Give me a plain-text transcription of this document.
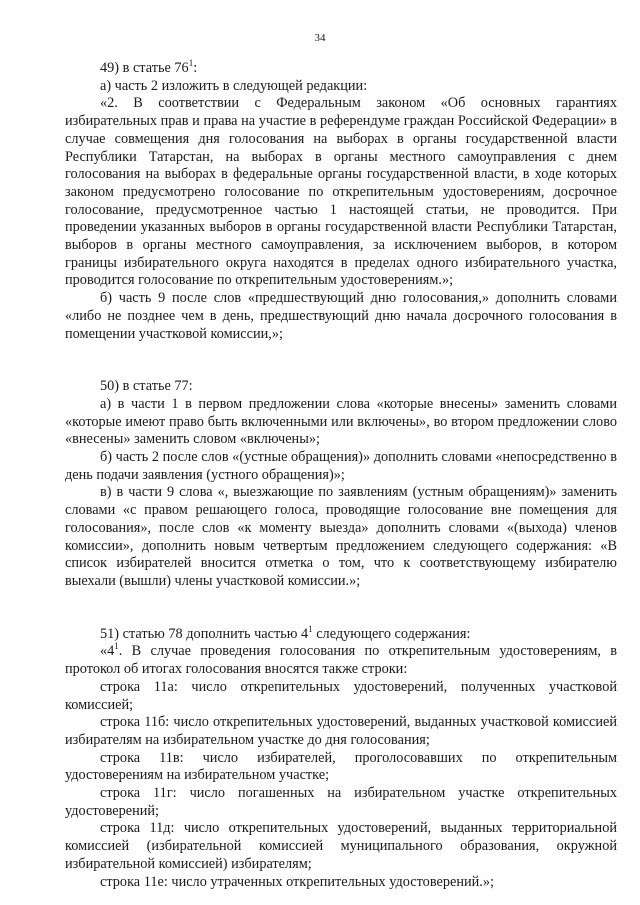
34

49) в статье $76^1$:

а) часть 2 изложить в следующей редакции:

«2. В соответствии с Федеральным законом «Об основных гарантиях избирательных прав и права на участие в референдуме граждан Российской Федерации» в случае совмещения дня голосования на выборах в органы государственной власти Республики Татарстан, на выборах в органы местного самоуправления с днем голосования на выборах в федеральные органы государственной власти, в ходе которых законом предусмотрено голосование по открепительным удостоверениям, досрочное голосование, предусмотренное частью 1 настоящей статьи, не проводится. При проведении указанных выборов в органы государственной власти Республики Татарстан, выборов в органы местного самоуправления, за исключением выборов, в котором границы избирательного округа находятся в пределах одного избирательного участка, проводится голосование по открепительным удостоверениям.»;

б) часть 9 после слов «предшествующий дню голосования,» дополнить словами «либо не позднее чем в день, предшествующий дню начала досрочного голосования в помещении участковой комиссии,»;

50) в статье 77:

а) в части 1 в первом предложении слова «которые внесены» заменить словами «которые имеют право быть включенными или включены», во втором предложении слово «внесены» заменить словом «включены»;

б) часть 2 после слов «(устные обращения)» дополнить словами «непосредственно в день подачи заявления (устного обращения)»;

в) в части 9 слова «, выезжающие по заявлениям (устным обращениям)» заменить словами «с правом решающего голоса, проводящие голосование вне помещения для голосования», после слов «к моменту выезда» дополнить словами «(выхода) членов комиссии», дополнить новым четвертым предложением следующего содержания: «В список избирателей вносится отметка о том, что к соответствующему избирателю выехали (вышли) члены участковой комиссии.»;

51) статью 78 дополнить частью $4^1$ следующего содержания:

«$4^1$. В случае проведения голосования по открепительным удостоверениям, в протокол об итогах голосования вносятся также строки:

строка 11а: число открепительных удостоверений, полученных участковой комиссией;

строка 11б: число открепительных удостоверений, выданных участковой комиссией избирателям на избирательном участке до дня голосования;

строка 11в: число избирателей, проголосовавших по открепительным удостоверениям на избирательном участке;

строка 11г: число погашенных на избирательном участке открепительных удостоверений;

строка 11д: число открепительных удостоверений, выданных территориальной комиссией (избирательной комиссией муниципального образования, окружной избирательной комиссией) избирателям;

строка 11е: число утраченных открепительных удостоверений.»;
